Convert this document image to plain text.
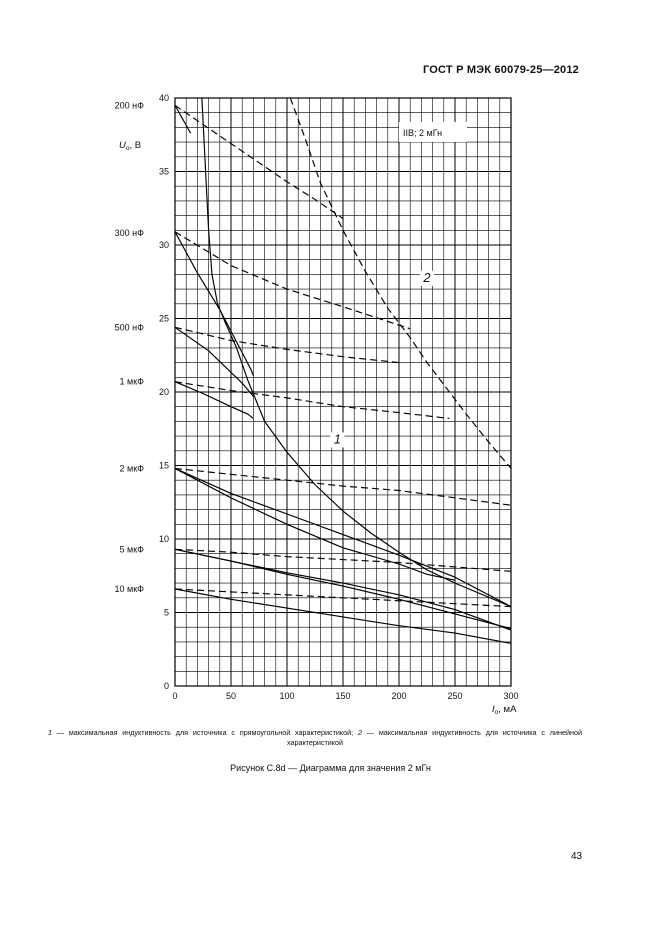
ГОСТ Р МЭК 60079-25—2012
0	50	100	150	200	250	300
0
5
10
15
20
25
30
35
40
200 нФ
300 нФ
500 нФ
1 мкФ
2 мкФ
5 мкФ
10 мкФ
IIB; 2 мГн
1
2
$U_o$, В
$I_o$, мА
1 — максимальная индуктивность для источника с прямоугольной характеристикой; 2 — максимальная индуктивность для источника с линейной характеристикой
Рисунок С.8d — Диаграмма для значения 2 мГн
43
